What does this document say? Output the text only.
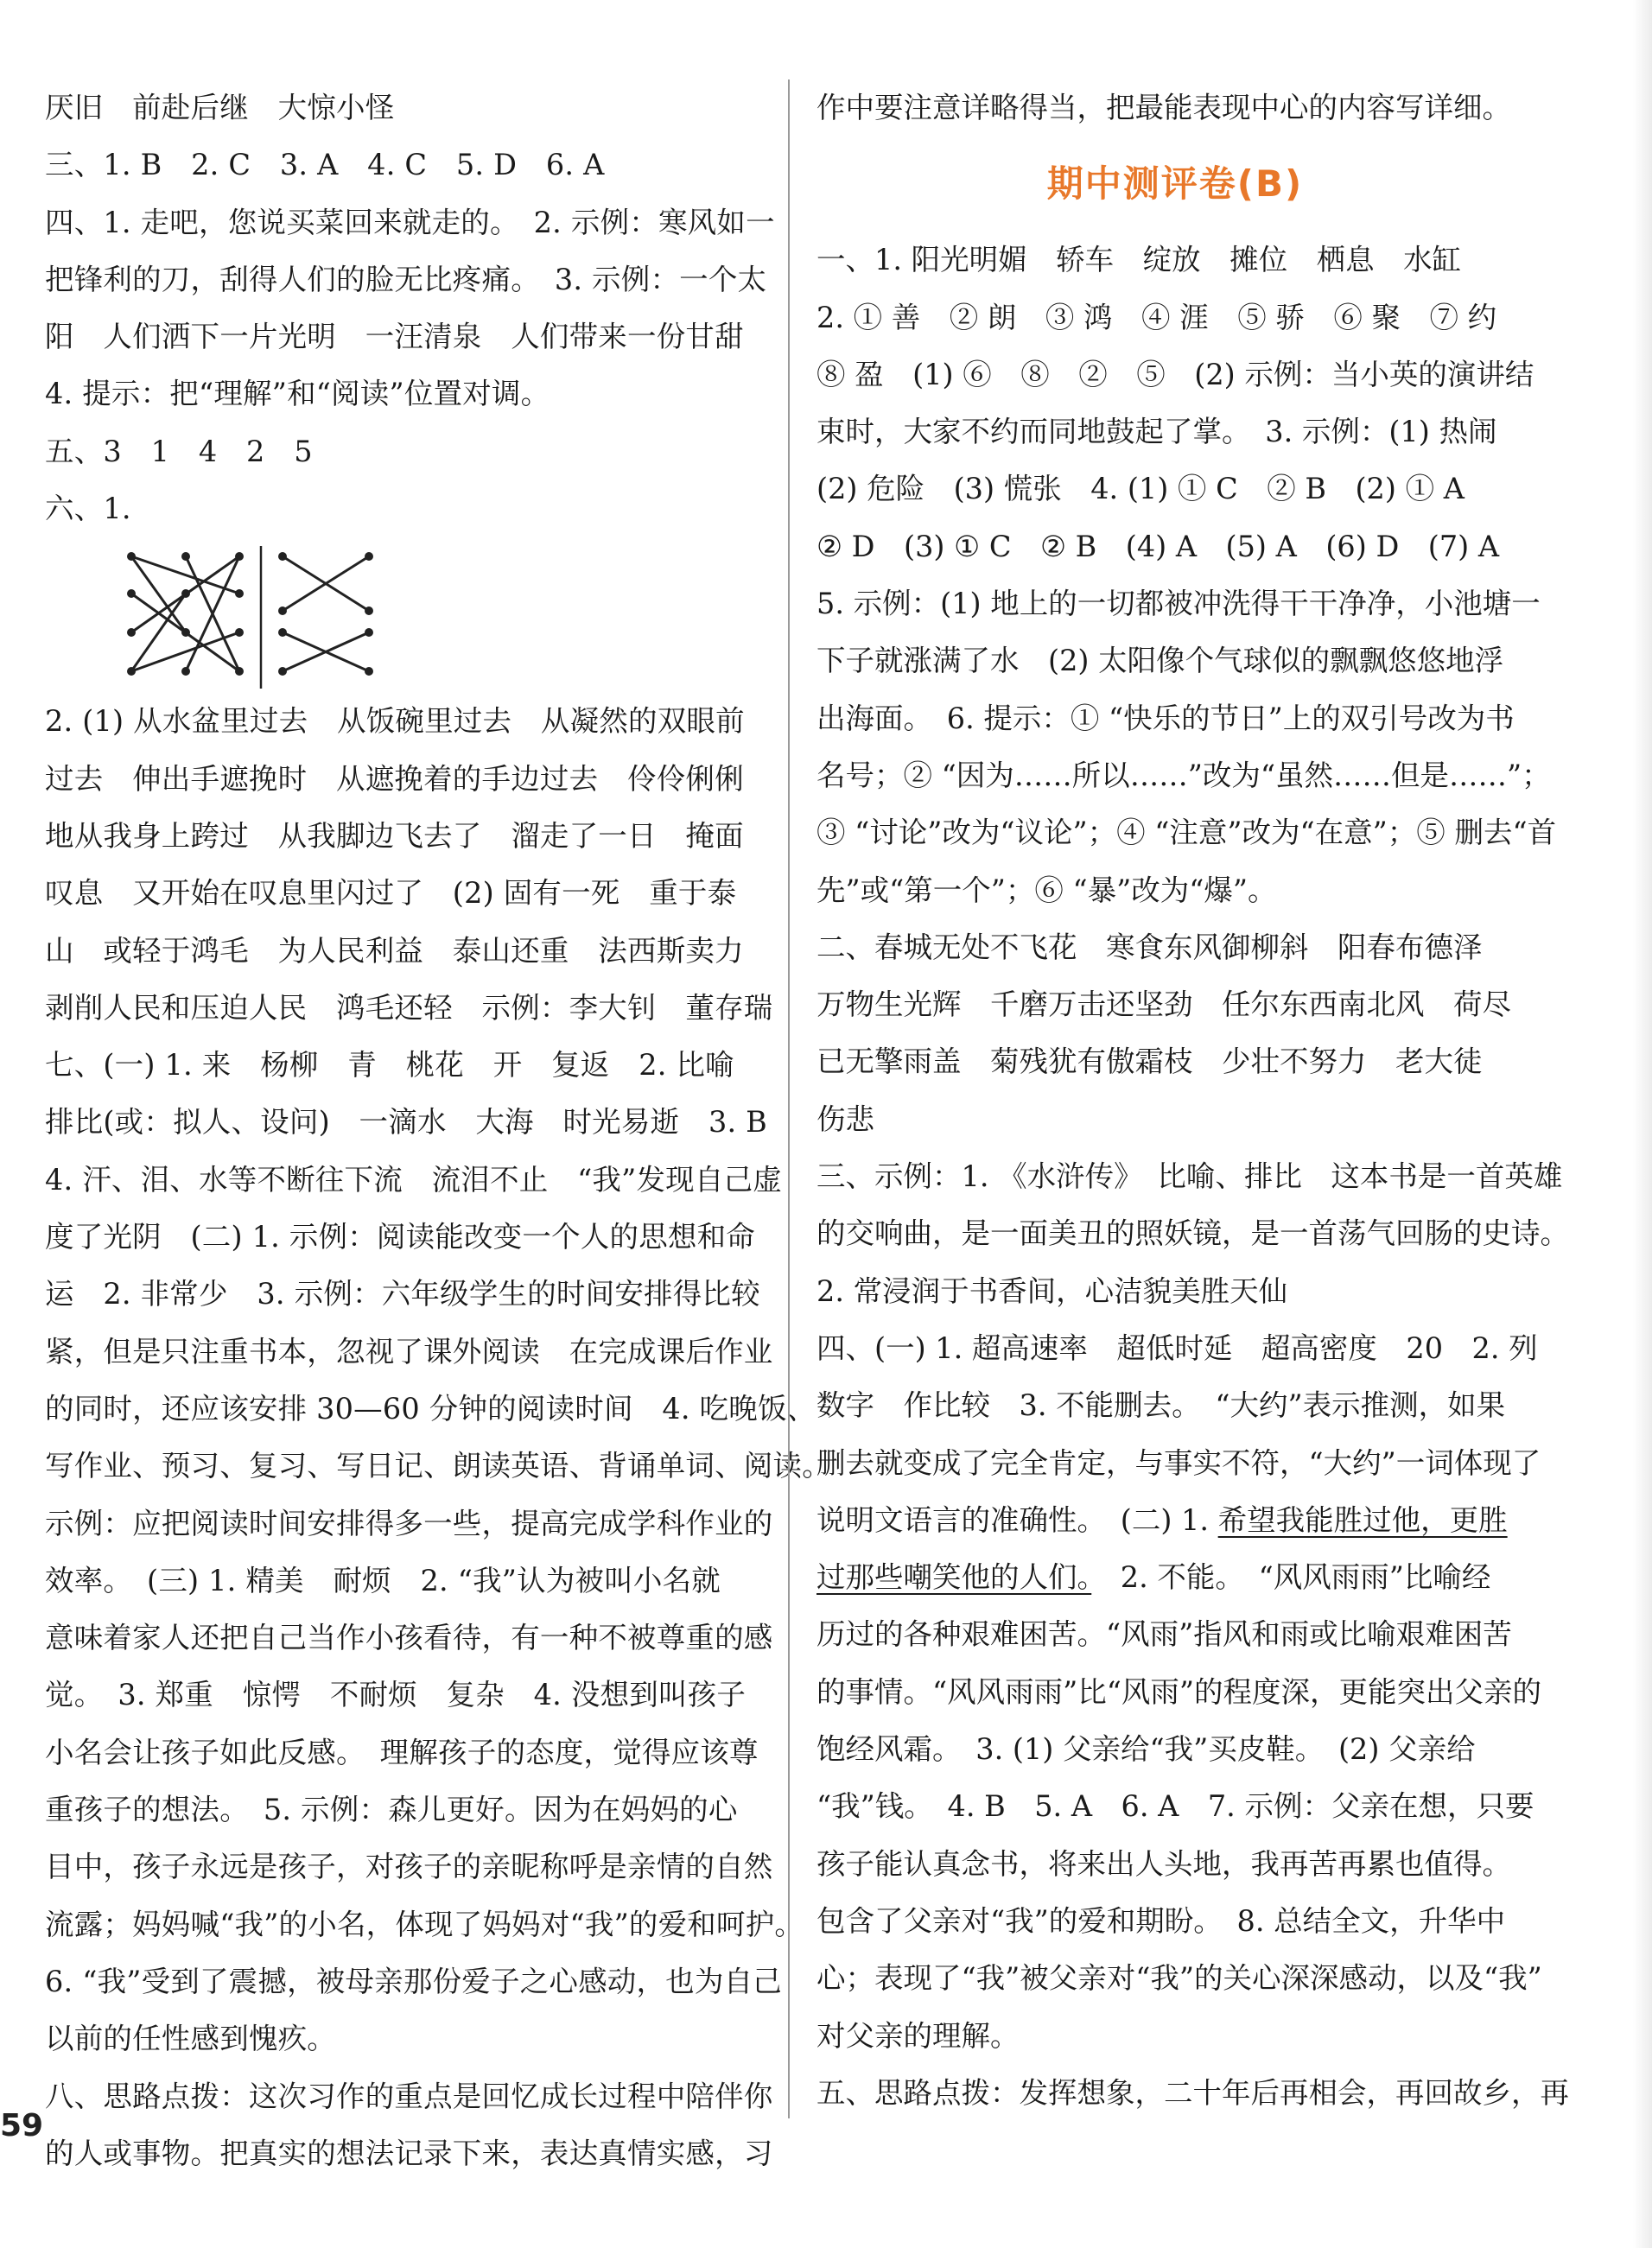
厌旧　前赴后继　大惊小怪
三、1. B　2. C　3. A　4. C　5. D　6. A
四、1. 走吧，您说买菜回来就走的。　2. 示例：寒风如一
把锋利的刀，刮得人们的脸无比疼痛。　3. 示例：一个太
阳　人们洒下一片光明　一汪清泉　人们带来一份甘甜
4. 提示：把“理解”和“阅读”位置对调。
五、3　1　4　2　5
六、1.
2. (1) 从水盆里过去　从饭碗里过去　从凝然的双眼前
过去　伸出手遮挽时　从遮挽着的手边过去　伶伶俐俐
地从我身上跨过　从我脚边飞去了　溜走了一日　掩面
叹息　又开始在叹息里闪过了　(2) 固有一死　重于泰
山　或轻于鸿毛　为人民利益　泰山还重　法西斯卖力
剥削人民和压迫人民　鸿毛还轻　示例：李大钊　董存瑞
七、(一) 1. 来　杨柳　青　桃花　开　复返　2. 比喻
排比(或：拟人、设问)　一滴水　大海　时光易逝　3. B
4. 汗、泪、水等不断往下流　流泪不止　“我”发现自己虚
度了光阴　(二) 1. 示例：阅读能改变一个人的思想和命
运　2. 非常少　3. 示例：六年级学生的时间安排得比较
紧，但是只注重书本，忽视了课外阅读　在完成课后作业
的同时，还应该安排 30—60 分钟的阅读时间　4. 吃晚饭、
写作业、预习、复习、写日记、朗读英语、背诵单词、阅读。
示例：应把阅读时间安排得多一些，提高完成学科作业的
效率。　(三) 1. 精美　耐烦　2. “我”认为被叫小名就
意味着家人还把自己当作小孩看待，有一种不被尊重的感
觉。　3. 郑重　惊愕　不耐烦　复杂　4. 没想到叫孩子
小名会让孩子如此反感。　理解孩子的态度，觉得应该尊
重孩子的想法。　5. 示例：森儿更好。因为在妈妈的心
目中，孩子永远是孩子，对孩子的亲昵称呼是亲情的自然
流露；妈妈喊“我”的小名，体现了妈妈对“我”的爱和呵护。
6. “我”受到了震撼，被母亲那份爱子之心感动，也为自己
以前的任性感到愧疚。
八、思路点拨：这次习作的重点是回忆成长过程中陪伴你
的人或事物。把真实的想法记录下来，表达真情实感，习
作中要注意详略得当，把最能表现中心的内容写详细。
期中测评卷(B)
一、1. 阳光明媚　轿车　绽放　摊位　栖息　水缸
2. ① 善　② 朗　③ 鸿　④ 涯　⑤ 骄　⑥ 聚　⑦ 约
⑧ 盈　(1) ⑥　⑧　②　⑤　(2) 示例：当小英的演讲结
束时，大家不约而同地鼓起了掌。　3. 示例：(1) 热闹
(2) 危险　(3) 慌张　4. (1) ① C　② B　(2) ① A
② D　(3) ① C　② B　(4) A　(5) A　(6) D　(7) A
5. 示例：(1) 地上的一切都被冲洗得干干净净，小池塘一
下子就涨满了水　(2) 太阳像个气球似的飘飘悠悠地浮
出海面。　6. 提示：① “快乐的节日”上的双引号改为书
名号；② “因为……所以……”改为“虽然……但是……”；
③ “讨论”改为“议论”；④ “注意”改为“在意”；⑤ 删去“首
先”或“第一个”；⑥ “暴”改为“爆”。
二、春城无处不飞花　寒食东风御柳斜　阳春布德泽
万物生光辉　千磨万击还坚劲　任尔东西南北风　荷尽
已无擎雨盖　菊残犹有傲霜枝　少壮不努力　老大徒
伤悲
三、示例：1. 《水浒传》　比喻、排比　这本书是一首英雄
的交响曲，是一面美丑的照妖镜，是一首荡气回肠的史诗。
2. 常浸润于书香间，心洁貌美胜天仙
四、(一) 1. 超高速率　超低时延　超高密度　20　2. 列
数字　作比较　3. 不能删去。　“大约”表示推测，如果
删去就变成了完全肯定，与事实不符，“大约”一词体现了
说明文语言的准确性。　(二) 1. 希望我能胜过他，更胜
过那些嘲笑他的人们。　2. 不能。　“风风雨雨”比喻经
历过的各种艰难困苦。“风雨”指风和雨或比喻艰难困苦
的事情。“风风雨雨”比“风雨”的程度深，更能突出父亲的
饱经风霜。　3. (1) 父亲给“我”买皮鞋。　(2) 父亲给
“我”钱。　4. B　5. A　6. A　7. 示例：父亲在想，只要
孩子能认真念书，将来出人头地，我再苦再累也值得。
包含了父亲对“我”的爱和期盼。　8. 总结全文，升华中
心；表现了“我”被父亲对“我”的关心深深感动，以及“我”
对父亲的理解。
五、思路点拨：发挥想象，二十年后再相会，再回故乡，再
59
